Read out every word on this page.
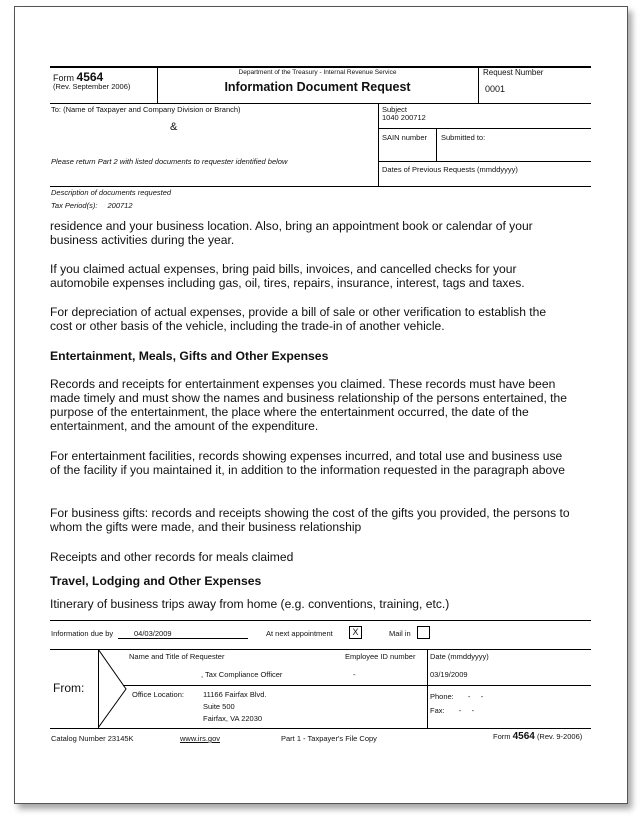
Form 4564
(Rev. September 2006)
Department of the Treasury - Internal Revenue Service
Information Document Request
Request Number
0001
To: (Name of Taxpayer and Company Division or Branch)
&
Please return Part 2 with listed documents to requester identified below
Subject
1040 200712
SAIN number Submitted to:
Dates of Previous Requests (mmddyyyy)
Description of documents requested
Tax Period(s): 200712
residence and your business location. Also, bring an appointment book or calendar of your business activities during the year.
If you claimed actual expenses, bring paid bills, invoices, and cancelled checks for your automobile expenses including gas, oil, tires, repairs, insurance, interest, tags and taxes.
For depreciation of actual expenses, provide a bill of sale or other verification to establish the cost or other basis of the vehicle, including the trade-in of another vehicle.
Entertainment, Meals, Gifts and Other Expenses
Records and receipts for entertainment expenses you claimed. These records must have been made timely and must show the names and business relationship of the persons entertained, the purpose of the entertainment, the place where the entertainment occurred, the date of the entertainment, and the amount of the expenditure.
For entertainment facilities, records showing expenses incurred, and total use and business use of the facility if you maintained it, in addition to the information requested in the paragraph above
For business gifts: records and receipts showing the cost of the gifts you provided, the persons to whom the gifts were made, and their business relationship
Receipts and other records for meals claimed
Travel, Lodging and Other Expenses
Itinerary of business trips away from home (e.g. conventions, training, etc.)
Information due by	04/03/2009	At next appointment	X	Mail in
From:
Name and Title of Requester
, Tax Compliance Officer
Employee ID number
-
Date (mmddyyyy)
03/19/2009
Office Location:	11166 Fairfax Blvd.
Suite 500
Fairfax, VA 22030
Phone: -     -
Fax: -     -
Catalog Number 23145K	www.irs.gov	Part 1 - Taxpayer's File Copy	Form 4564 (Rev. 9-2006)
